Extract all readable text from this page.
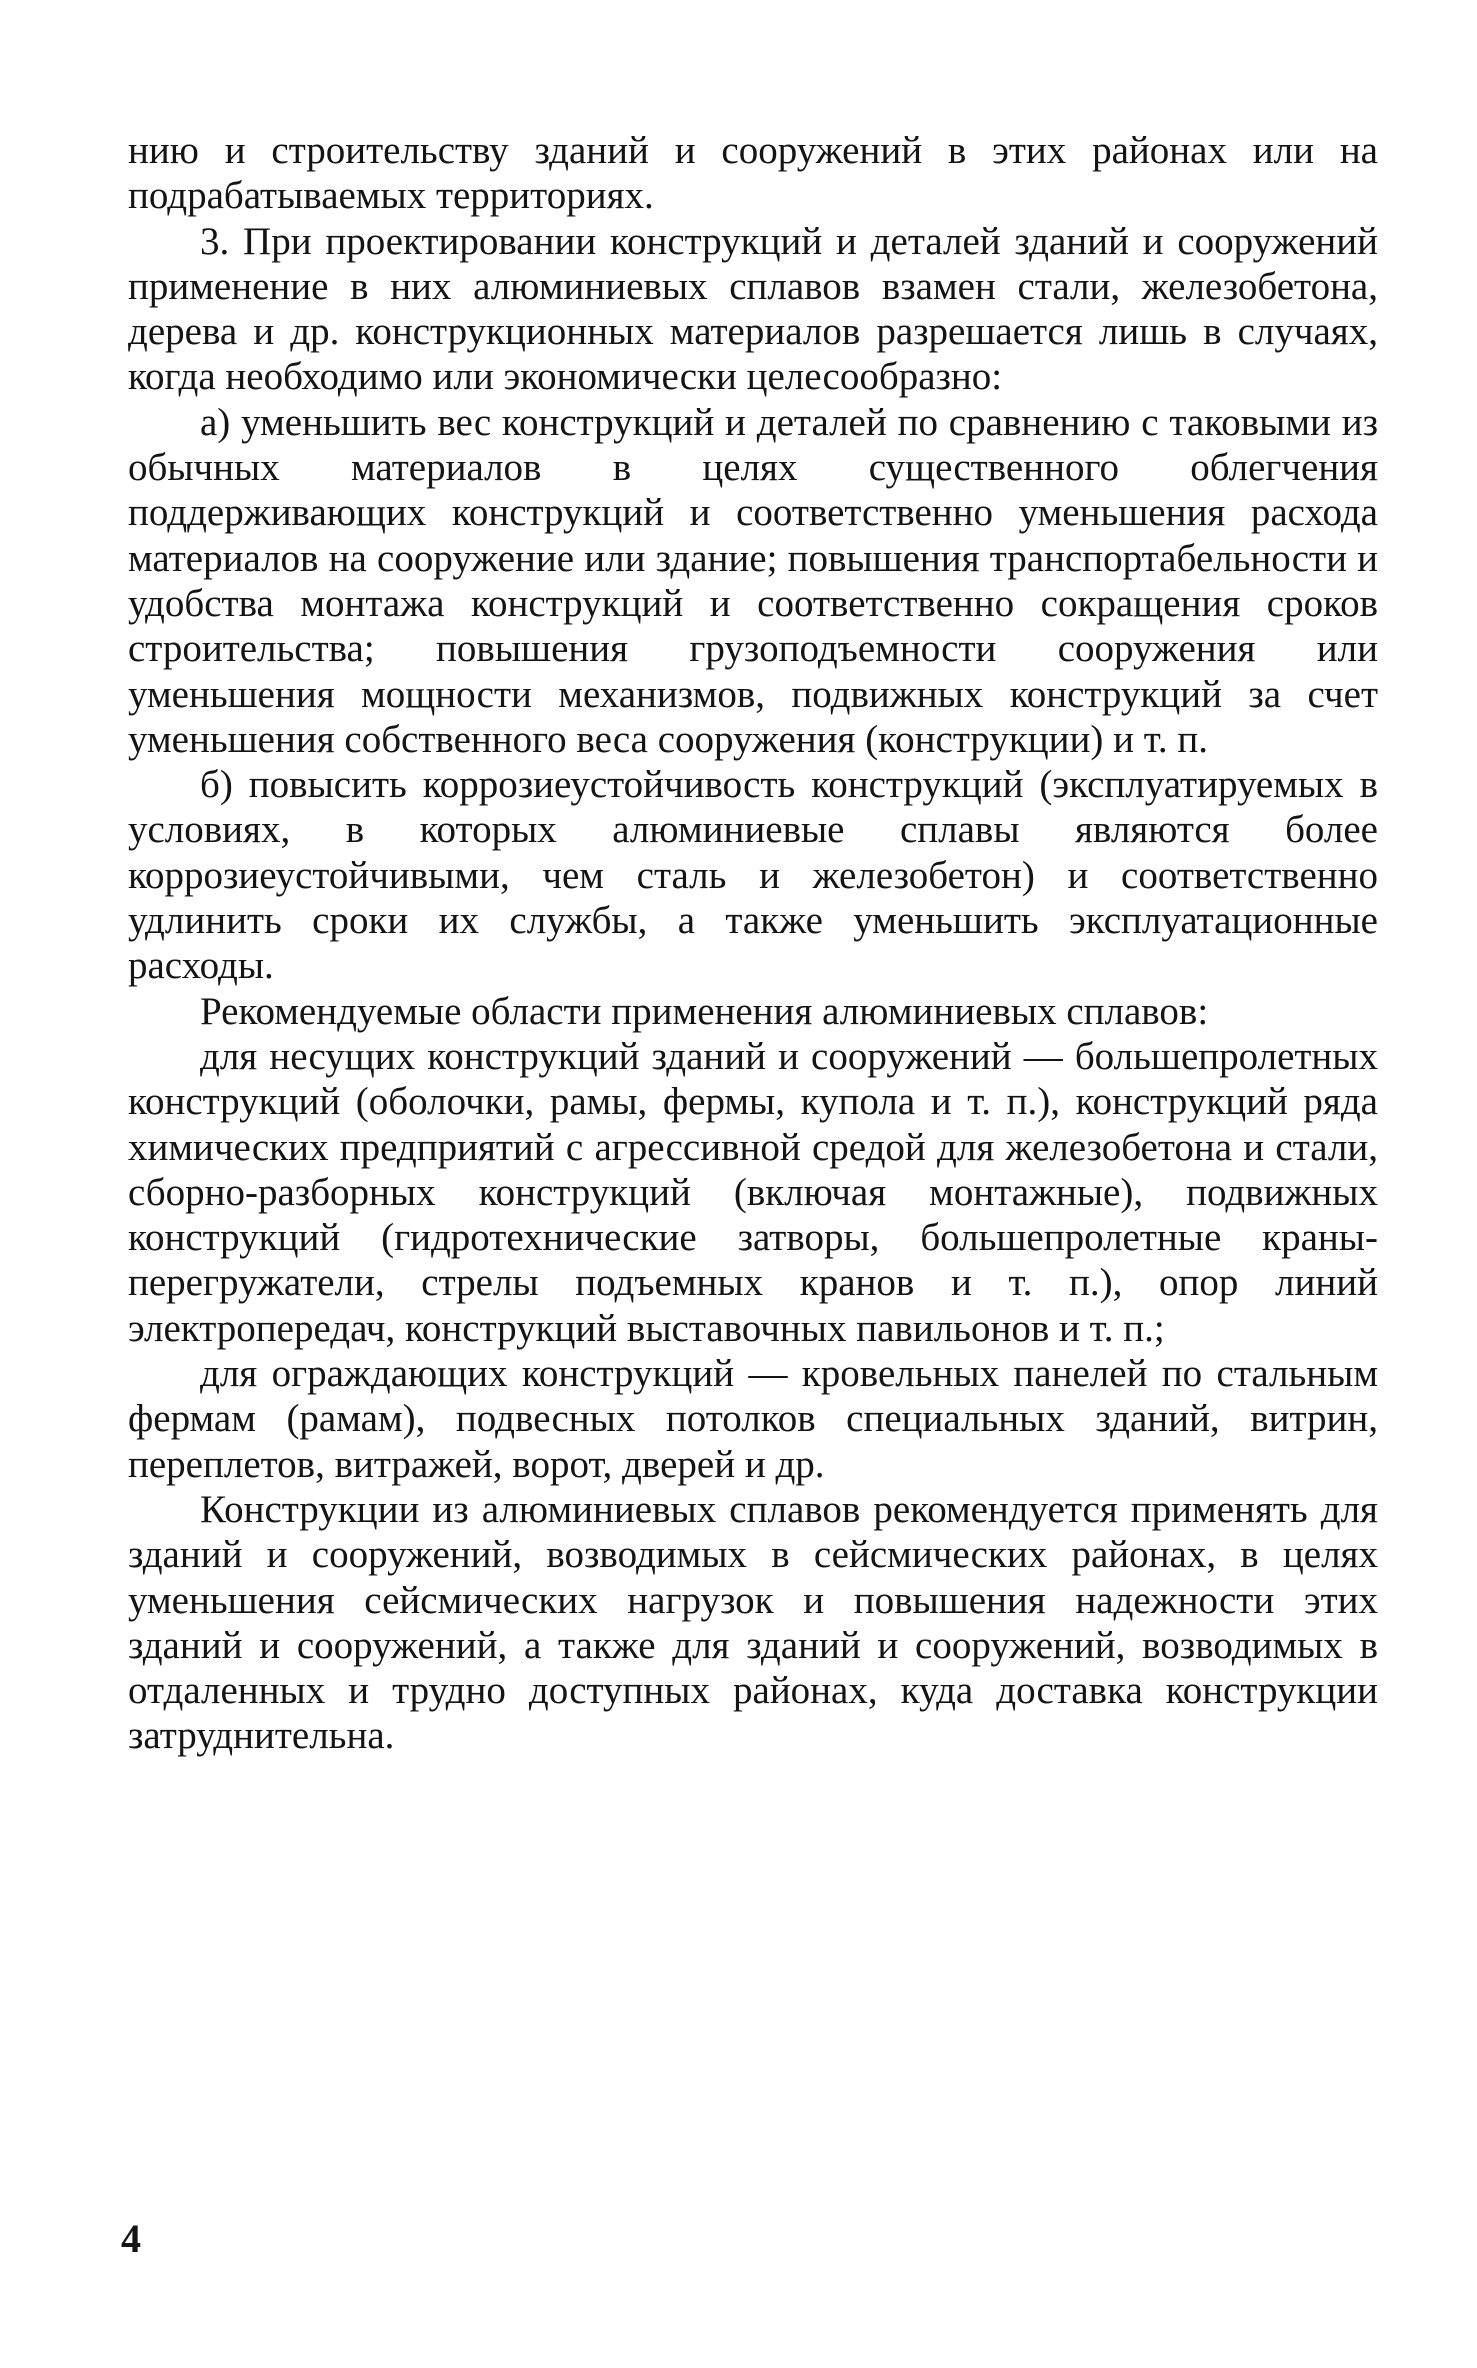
нию и строительству зданий и сооружений в этих районах или на подрабатываемых территориях.

3. При проектировании конструкций и деталей зданий и сооружений применение в них алюминиевых сплавов взамен стали, железобетона, дерева и др. конструкционных материалов разрешается лишь в случаях, когда необходимо или экономически целесообразно:

а) уменьшить вес конструкций и деталей по сравнению с таковыми из обычных материалов в целях существенного облегчения поддерживающих конструкций и соответственно уменьшения расхода материалов на сооружение или здание; повышения транспортабельности и удобства монтажа конструкций и соответственно сокращения сроков строительства; повышения грузоподъемности сооружения или уменьшения мощности механизмов, подвижных конструкций за счет уменьшения собственного веса сооружения (конструкции) и т. п.

б) повысить коррозиеустойчивость конструкций (эксплуатируемых в условиях, в которых алюминиевые сплавы являются более коррозиеустойчивыми, чем сталь и железобетон) и соответственно удлинить сроки их службы, а также уменьшить эксплуатационные расходы.

Рекомендуемые области применения алюминиевых сплавов:

для несущих конструкций зданий и сооружений — большепролетных конструкций (оболочки, рамы, фермы, купола и т. п.), конструкций ряда химических предприятий с агрессивной средой для железобетона и стали, сборно-разборных конструкций (включая монтажные), подвижных конструкций (гидротехнические затворы, большепролетные краны-перегружатели, стрелы подъемных кранов и т. п.), опор линий электропередач, конструкций выставочных павильонов и т. п.;

для ограждающих конструкций — кровельных панелей по стальным фермам (рамам), подвесных потолков специальных зданий, витрин, переплетов, витражей, ворот, дверей и др.

Конструкции из алюминиевых сплавов рекомендуется применять для зданий и сооружений, возводимых в сейсмических районах, в целях уменьшения сейсмических нагрузок и повышения надежности этих зданий и сооружений, а также для зданий и сооружений, возводимых в отдаленных и трудно доступных районах, куда доставка конструкции затруднительна.

4
